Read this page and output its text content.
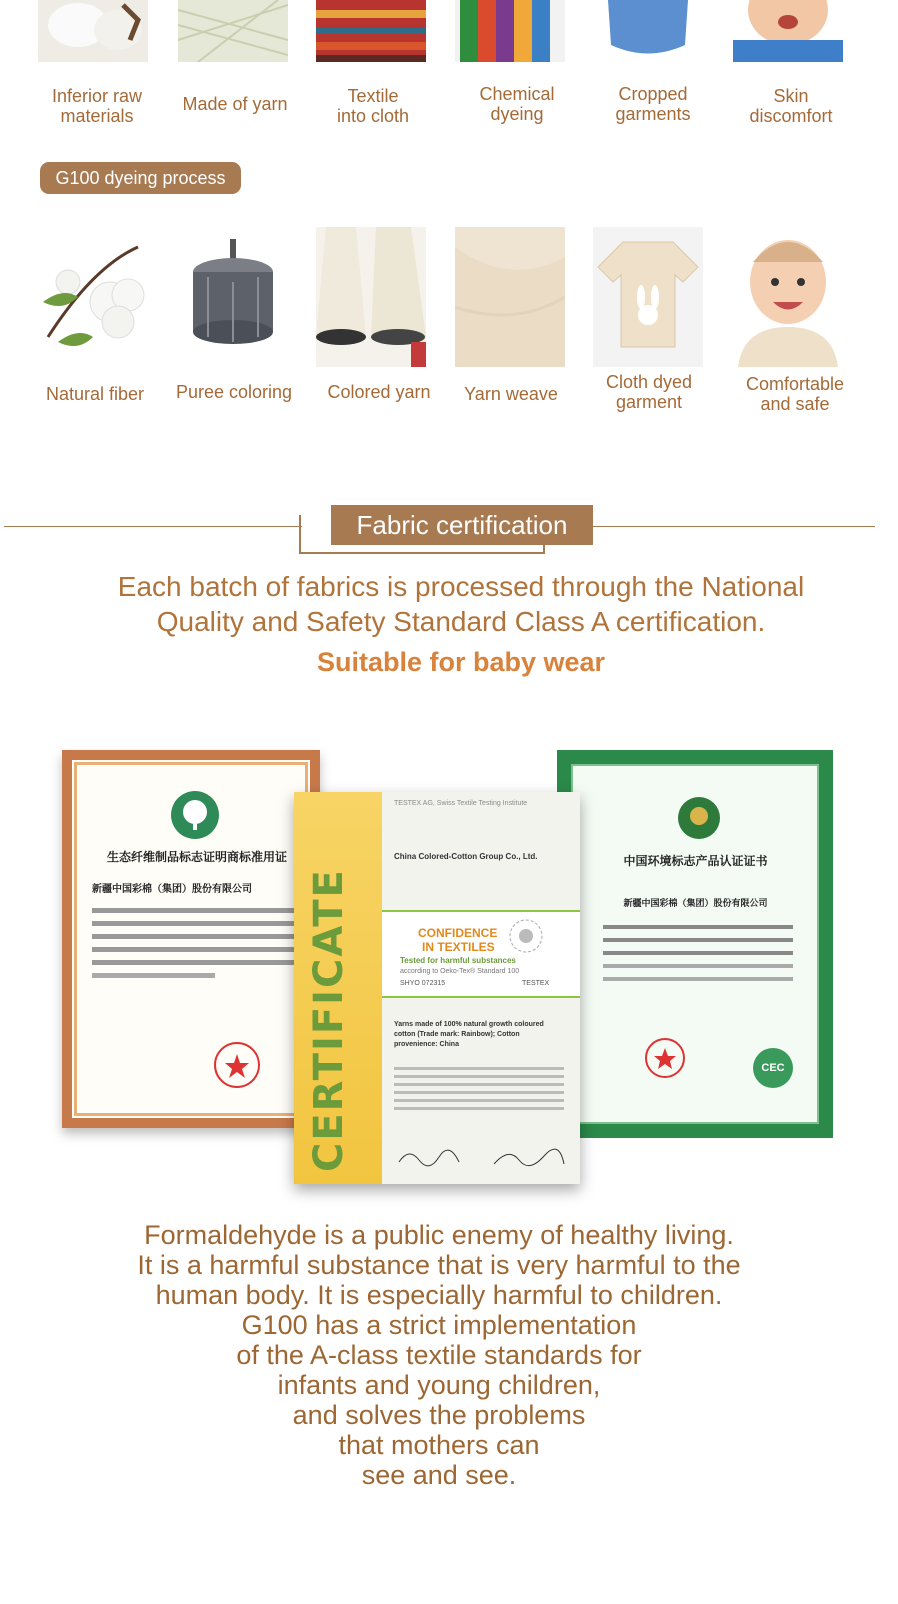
Inferior raw
materials
Made of yarn	Textile
into cloth
Chemical
dyeing
Cropped
garments
Skin
discomfort
G100 dyeing process
Natural fiber	Puree coloring	Colored yarn	Yarn weave
Cloth dyed
garment
Comfortable
and safe
Fabric certification
Each batch of fabrics is processed through the National
Quality and Safety Standard Class A certification.
Suitable for baby wear
生态纤维制品标志证明商标准用证
新疆中国彩棉（集团）股份有限公司
中国环境标志产品认证证书
新疆中国彩棉（集团）股份有限公司
CEC
CERTIFICATE
TESTEX AG, Swiss Textile Testing Institute
China Colored-Cotton Group Co., Ltd.
CONFIDENCE
IN TEXTILES
Tested for harmful substances
according to Oeko-Tex® Standard 100
SHYO 072315	TESTEX
Yarns made of 100% natural growth coloured cotton (Trade mark: Rainbow); Cotton provenience: China
Formaldehyde is a public enemy of healthy living.
It is a harmful substance that is very harmful to the
human body. It is especially harmful to children.
G100 has a strict implementation
of the A-class textile standards for
infants and young children,
and solves the problems
that mothers can
see and see.
